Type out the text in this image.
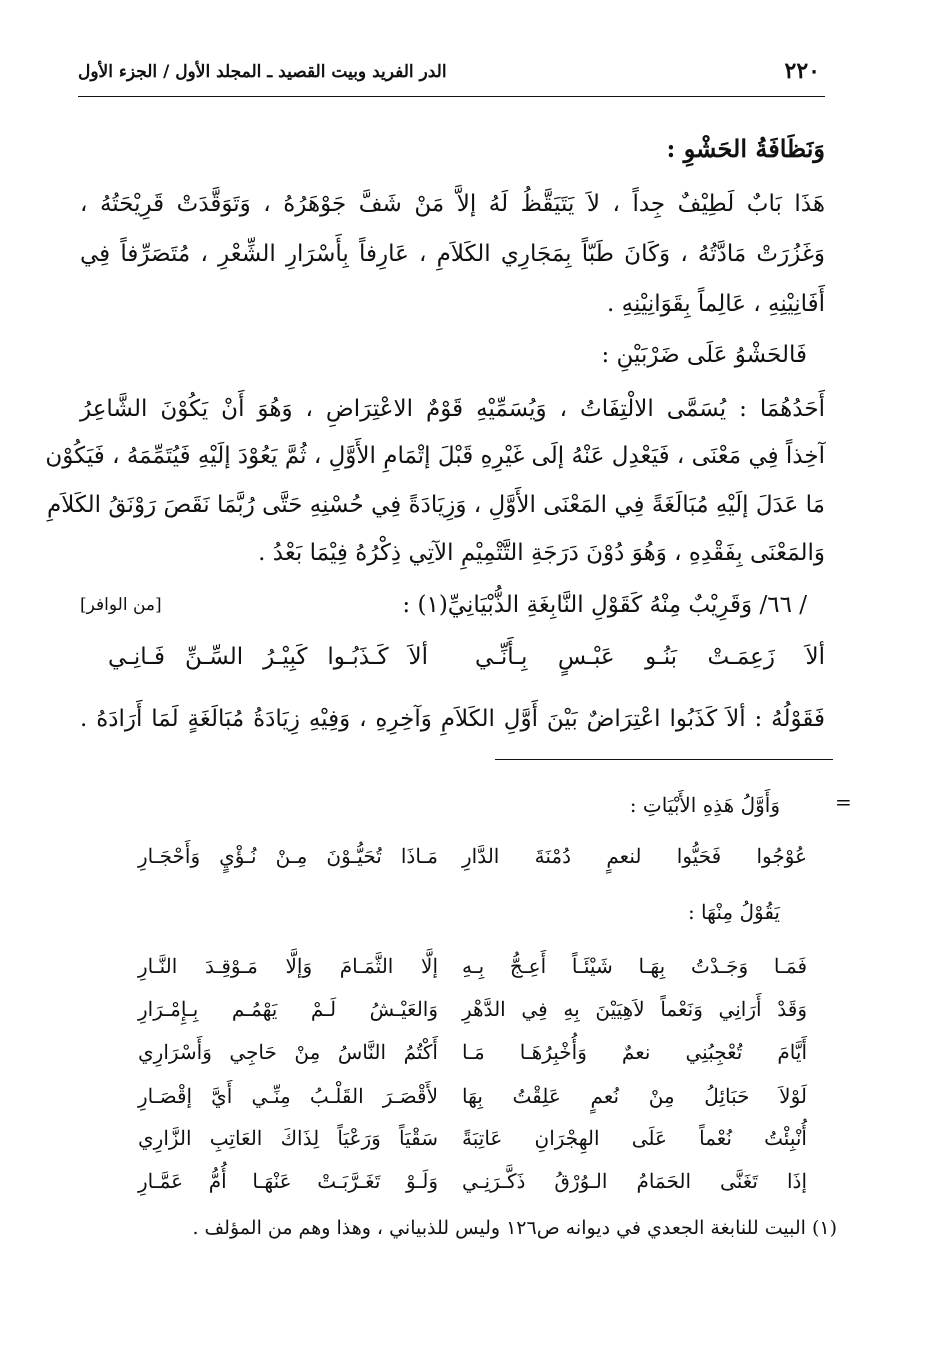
٢٢٠
الدر الفريد وبيت القصيد ـ المجلد الأول / الجزء الأول
وَنَظَافَةُ الحَشْوِ :
هَذَا بَابٌ لَطِيْفٌ جِداً ، لاَ يَتَيَقَّظُ لَهُ إلاَّ مَنْ شَفَّ جَوْهَرُهُ ، وَتَوَقَّدَتْ قَرِيْحَتُهُ ،
وَغَزُرَتْ مَادَّتُهُ ، وَكَانَ طَبّاً بِمَجَارِي الكَلاَمِ ، عَارِفاً بِأَسْرَارِ الشِّعْرِ ، مُتَصَرِّفاً فِي
أَفَانِيْنِهِ ، عَالِماً بِقَوَانِيْنِهِ .
فَالحَشْوُ عَلَى ضَرْبَيْنِ :
أَحَدُهُمَا : يُسَمَّى الالْتِفَاتُ ، وَيُسَمِّيْهِ قَوْمٌ الاعْتِرَاضِ ، وَهُوَ أَنْ يَكُوْنَ الشَّاعِرُ
آخِذاً فِي مَعْنَى ، فَيَعْدِل عَنْهُ إلَى غَيْرِهِ قَبْلَ إتْمَامِ الأَوَّلِ ، ثُمَّ يَعُوْدَ إلَيْهِ فَيُتَمِّمَهُ ، فَيَكُوْن
مَا عَدَلَ إلَيْهِ مُبَالَغَةً فِي المَعْنَى الأَوَّلِ ، وَزِيَادَةً فِي حُسْنِهِ حَتَّى رُبَّمَا نَقَصَ رَوْنَقُ الكَلاَمِ
وَالمَعْنَى بِفَقْدِهِ ، وَهُوَ دُوْنَ دَرَجَةِ التَّتْمِيْمِ الآتِي ذِكْرُهُ فِيْمَا بَعْدُ .
/ ٦٦/ وَقَرِيْبٌ مِنْهُ كَقَوْلِ النَّابِغَةِ الذُّبْيَانِيِّ(١) :
[من الوافر]
ألاَ زَعِمَـتْ بَنُـو عَبْـسٍ بِـأَنِّـي
ألاَ كَـذَبُـوا كَبِيْـرُ السِّـنِّ فَـانِـي
فَقَوْلُهُ : ألاَ كَذَبُوا اعْتِرَاضٌ بَيْنَ أَوَّلِ الكَلاَمِ وَآخِرِهِ ، وَفِيْهِ زِيَادَةُ مُبَالَغَةٍ لَمَا أَرَادَهُ .
=
وَأَوَّلُ هَذِهِ الأَبْيَاتِ :
عُوْجُوا فَحَيُّوا لنعمٍ دُمْنَةَ الدَّارِ
مَـاذَا تُحَيُّـوْنَ مِـنْ نُـؤْيٍ وَأَحْجَـارِ
يَقُوْلُ مِنْهَا :
فَمَـا وَجَـدْتُ بِهَـا شَيْئَـاً أَعِـجُّ بِـهِ
إلَّا الثَّمَـامَ وَإلَّا مَـوْقِـدَ النَّـارِ
وَقَدْ أَرَانِي وَنَعْماً لاَهِيَيْنَ بِهِ فِي الدَّهْرِ
وَالعَيْـشُ لَـمْ يَهْمُـم بِـإِمْـرَارِ
أَيَّامَ تُعْجِبُنِي نعمٌ وَأُخْبِرُهَـا مَـا
أَكْتُمُ النَّاسُ مِنْ حَاجِي وَأَسْرَارِي
لَوْلاَ حَبَائِلُ مِنْ نُعمٍ عَلِقْتُ بِهَا
لأَقْصَـرَ القَلْـبُ مِنِّـي أَيَّ إقْصَـارِ
أُنْبِئْتُ نُعْماً عَلَى الهِجْرَانِ عَاتِبَةً
سَقْيَاً وَرَعْيَاً لِذَاكَ العَاتِبِ الزَّارِي
إذَا تَغَنَّى الحَمَامُ الـوُرْقُ ذَكَّـرَنِـي
وَلَـوْ تَغَـرَّبَـتْ عَنْهَـا أُمُّ عَمَّـارِ
(١) البيت للنابغة الجعدي في ديوانه ص١٢٦ وليس للذبياني ، وهذا وهم من المؤلف .
